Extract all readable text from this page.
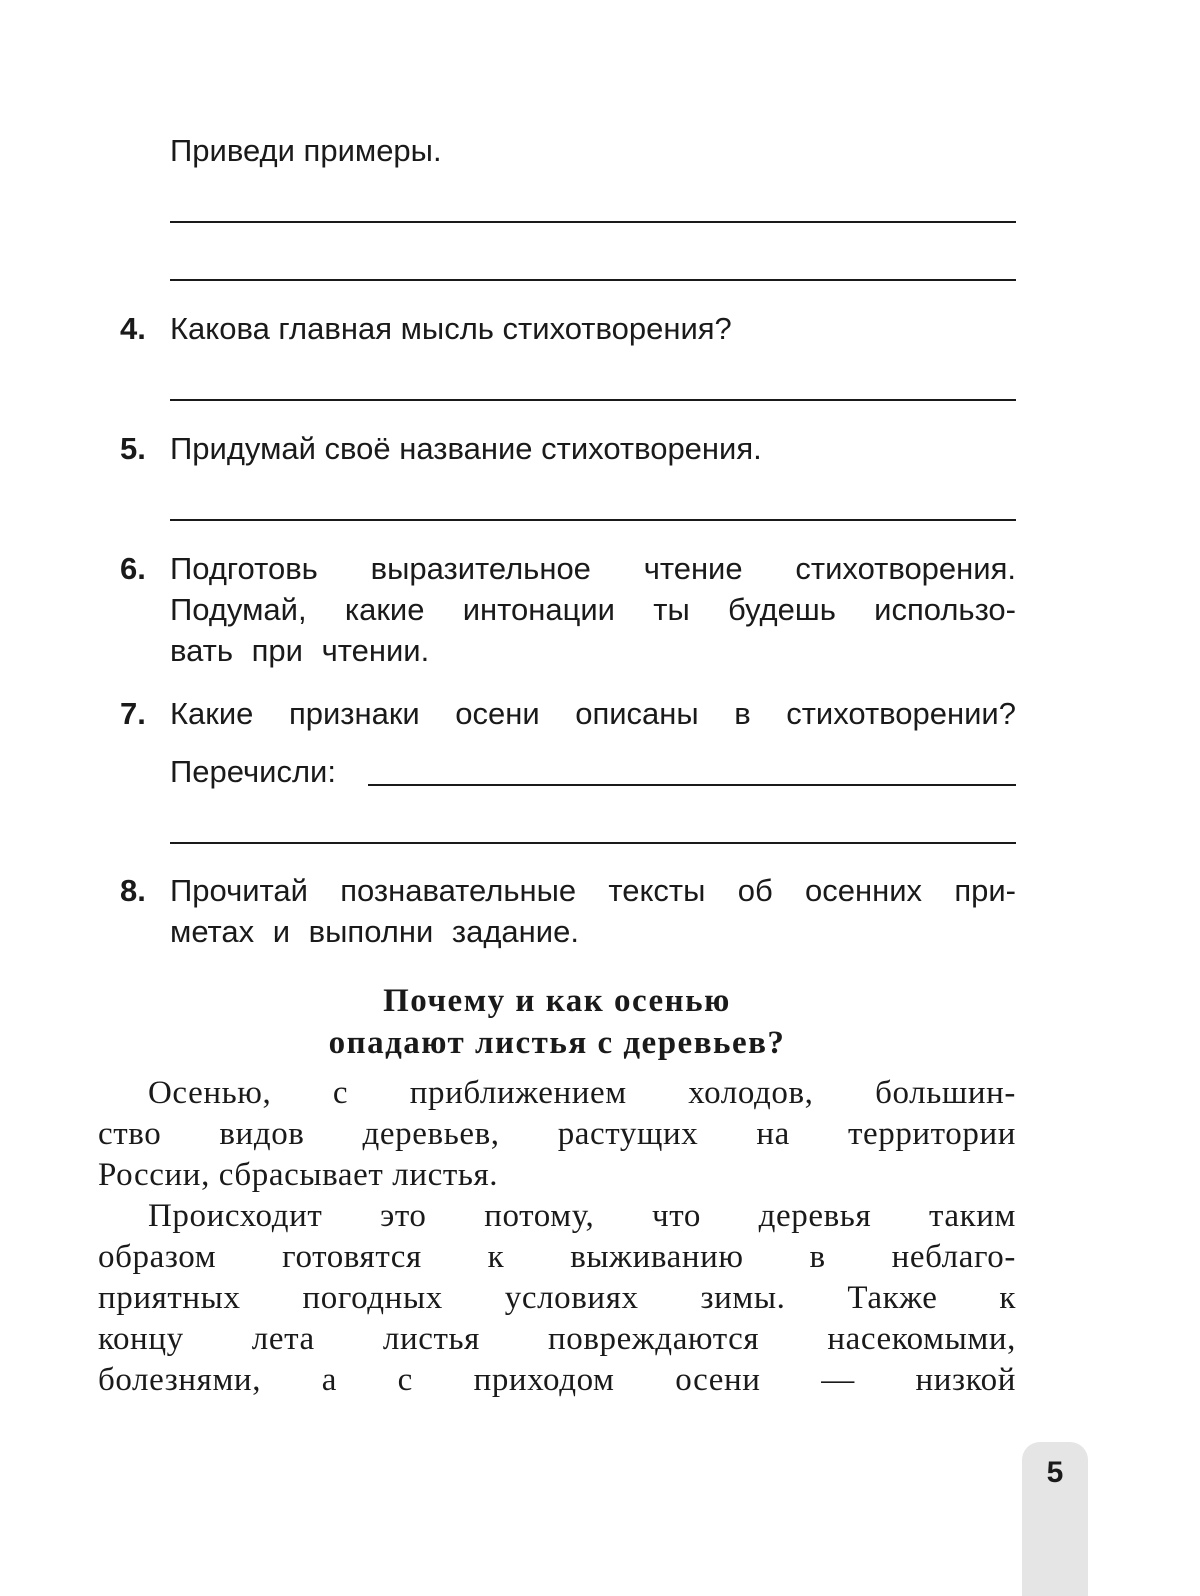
Приведи примеры.
4. Какова главная мысль стихотворения?
5. Придумай своё название стихотворения.
6. Подготовь выразительное чтение стихотворения.
Подумай, какие интонации ты будешь использо-
вать при чтении.
7. Какие признаки осени описаны в стихотворении?
Перечисли:
8. Прочитай познавательные тексты об осенних при-
метах и выполни задание.
Почему и как осенью
опадают листья с деревьев?
Осенью, с приближением холодов, большин-
ство видов деревьев, растущих на территории
России, сбрасывает листья.
Происходит это потому, что деревья таким
образом готовятся к выживанию в неблаго-
приятных погодных условиях зимы. Также к
концу лета листья повреждаются насекомыми,
болезнями, а с приходом осени — низкой
5
